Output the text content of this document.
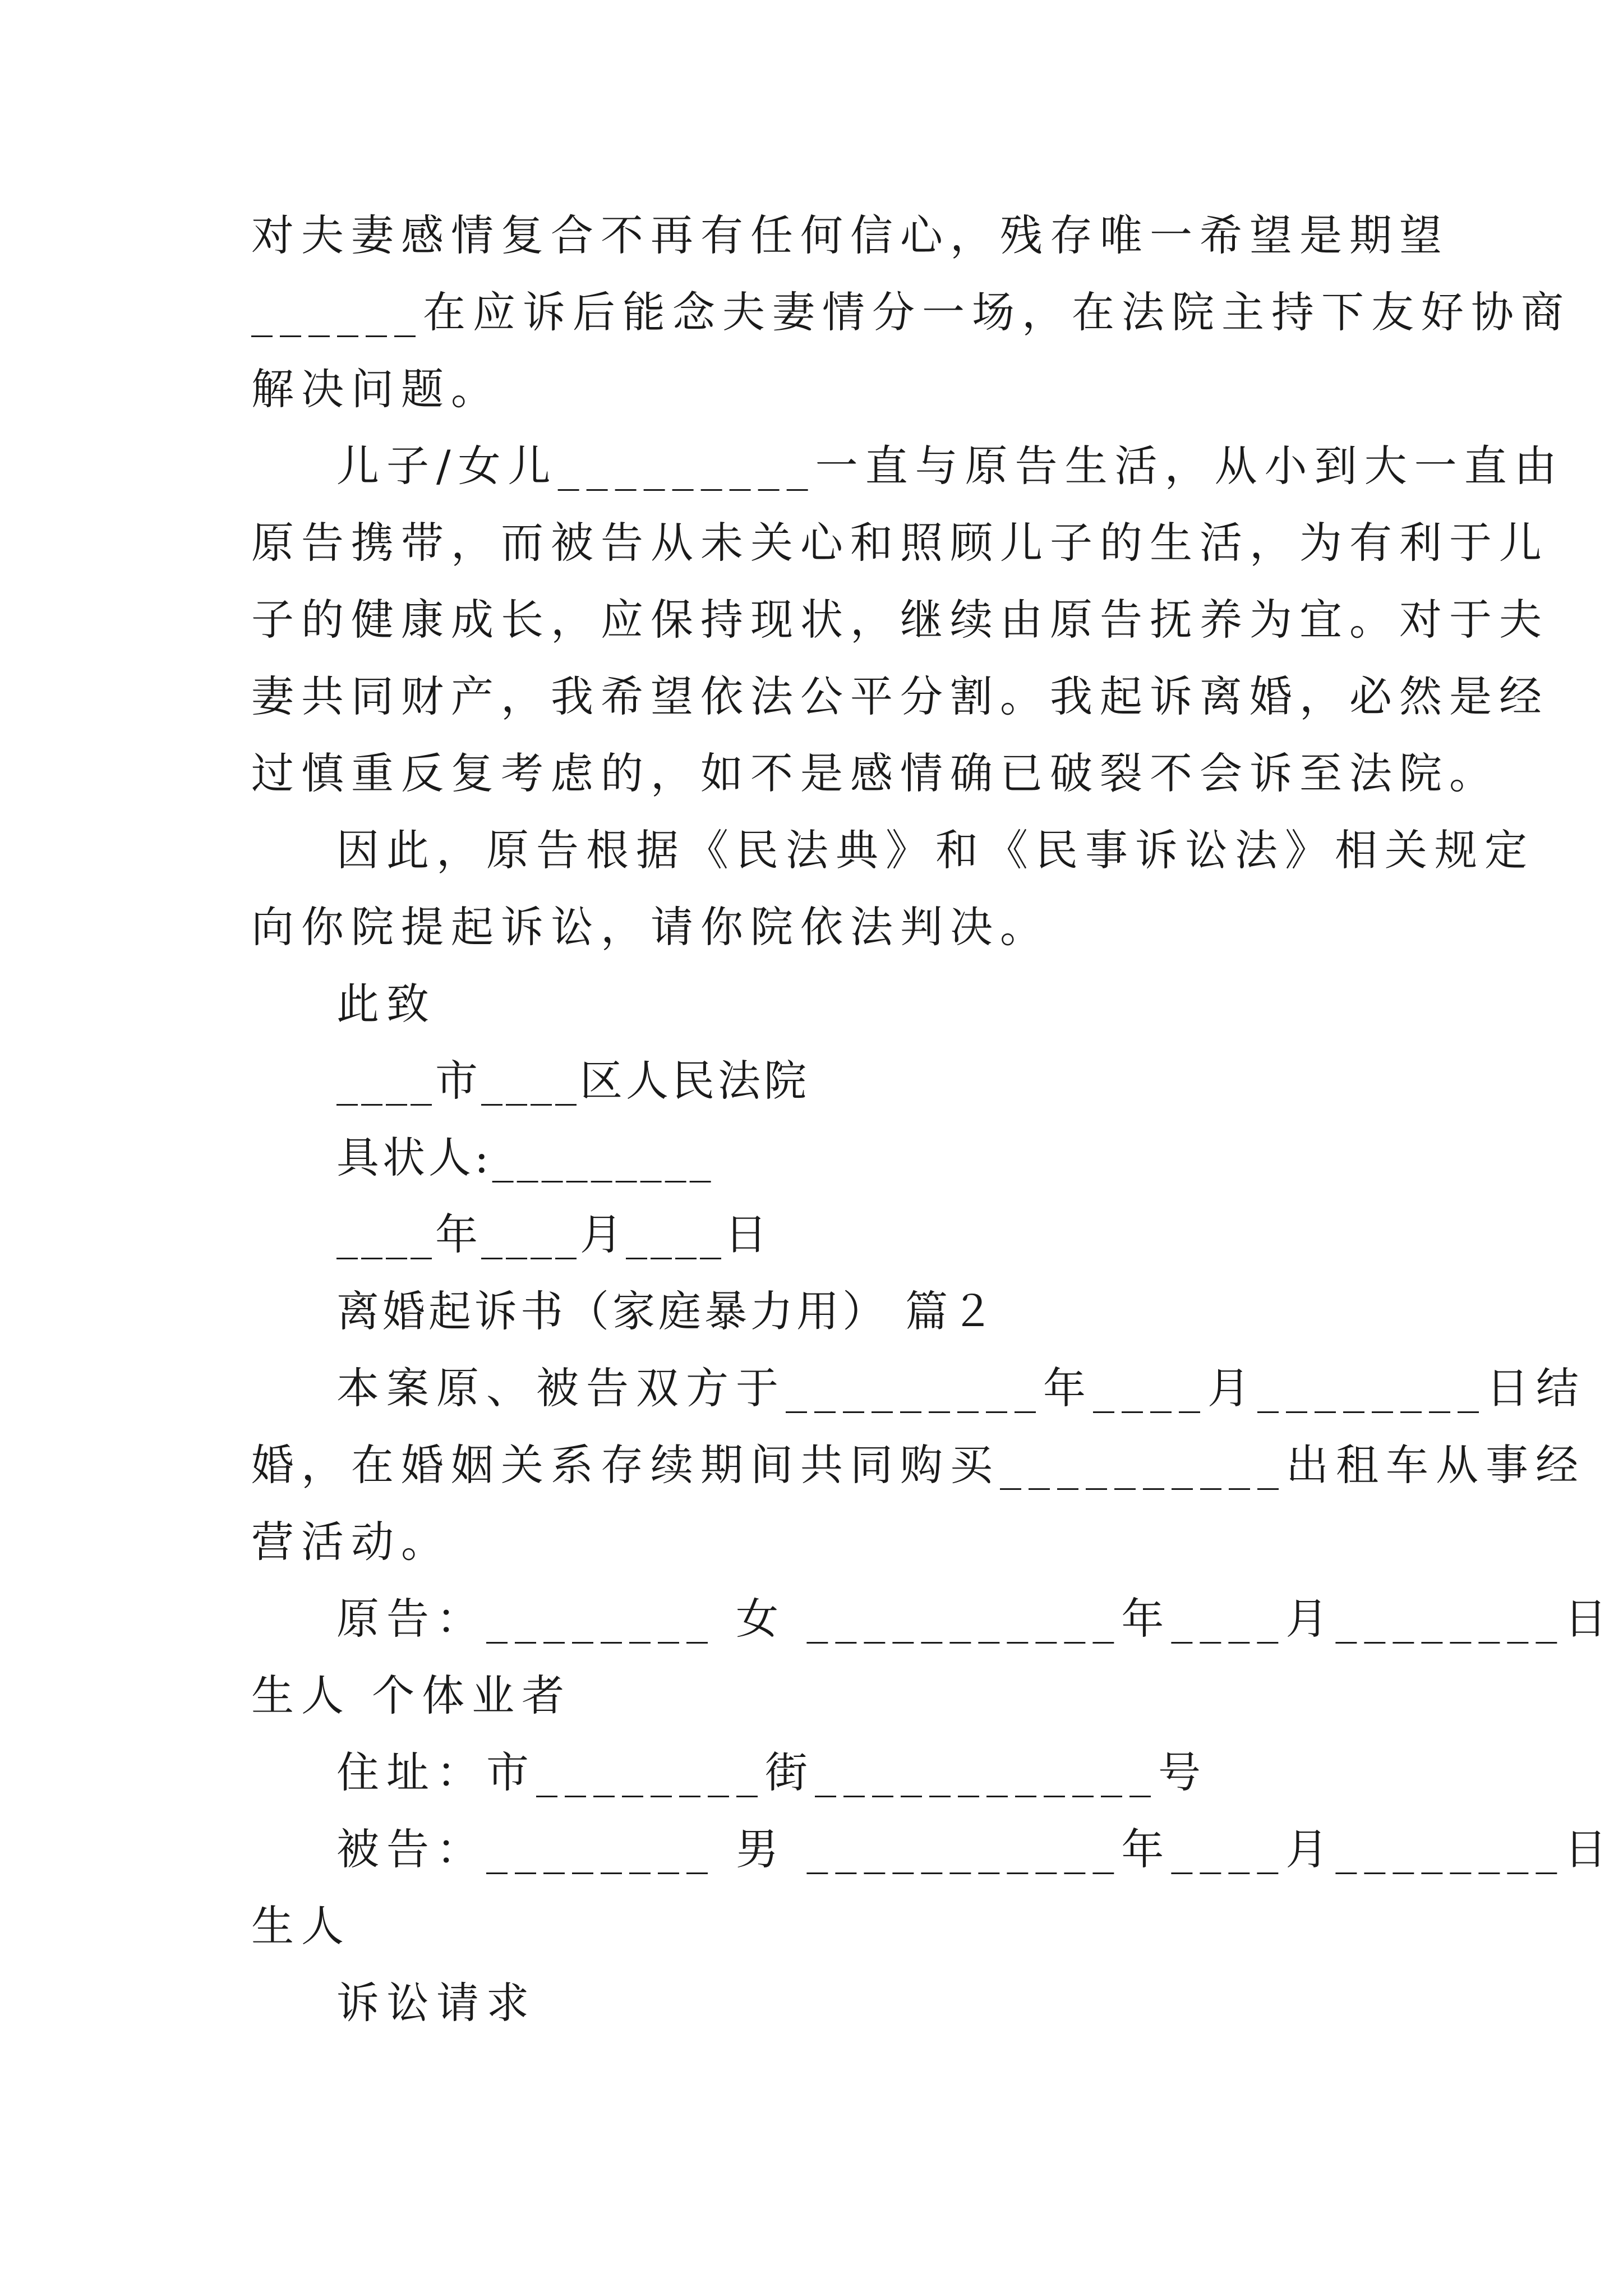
对夫妻感情复合不再有任何信心，残存唯一希望是期望
______在应诉后能念夫妻情分一场，在法院主持下友好协商
解决问题。
儿子/女儿_________一直与原告生活，从小到大一直由
原告携带，而被告从未关心和照顾儿子的生活，为有利于儿
子的健康成长，应保持现状，继续由原告抚养为宜。对于夫
妻共同财产，我希望依法公平分割。我起诉离婚，必然是经
过慎重反复考虑的，如不是感情确已破裂不会诉至法院。
因此，原告根据《民法典》和《民事诉讼法》相关规定
向你院提起诉讼，请你院依法判决。
此致
____市____区人民法院
具状人:_________
____年____月____日
离婚起诉书（家庭暴力用） 篇２
本案原、被告双方于_________年____月________日结
婚，在婚姻关系存续期间共同购买__________出租车从事经
营活动。
原告：________ 女 ___________年____月________日
生人 个体业者
住址：市________街____________号
被告：________ 男 ___________年____月________日
生人
诉讼请求
